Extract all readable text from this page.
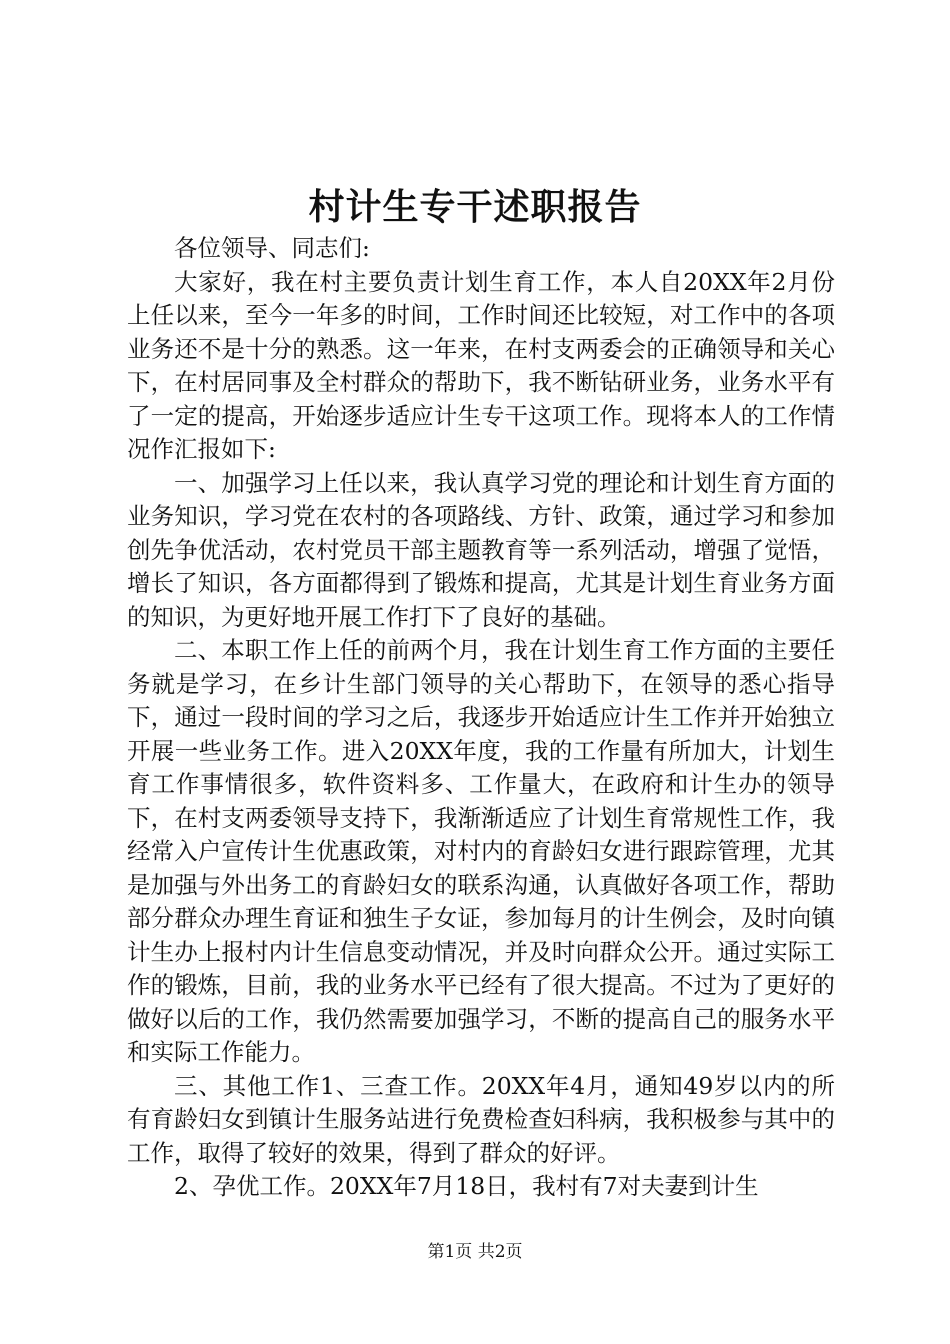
村计生专干述职报告

各位领导、同志们:

大家好，我在村主要负责计划生育工作，本人自20XX年2月份上任以来，至今一年多的时间，工作时间还比较短，对工作中的各项业务还不是十分的熟悉。这一年来，在村支两委会的正确领导和关心下，在村居同事及全村群众的帮助下，我不断钻研业务，业务水平有了一定的提高，开始逐步适应计生专干这项工作。现将本人的工作情况作汇报如下:

一、加强学习上任以来，我认真学习党的理论和计划生育方面的业务知识，学习党在农村的各项路线、方针、政策，通过学习和参加创先争优活动，农村党员干部主题教育等一系列活动，增强了觉悟，增长了知识，各方面都得到了锻炼和提高，尤其是计划生育业务方面的知识，为更好地开展工作打下了良好的基础。

二、本职工作上任的前两个月，我在计划生育工作方面的主要任务就是学习，在乡计生部门领导的关心帮助下，在领导的悉心指导下，通过一段时间的学习之后，我逐步开始适应计生工作并开始独立开展一些业务工作。进入20XX年度，我的工作量有所加大，计划生育工作事情很多，软件资料多、工作量大，在政府和计生办的领导下，在村支两委领导支持下，我渐渐适应了计划生育常规性工作，我经常入户宣传计生优惠政策，对村内的育龄妇女进行跟踪管理，尤其是加强与外出务工的育龄妇女的联系沟通，认真做好各项工作，帮助部分群众办理生育证和独生子女证，参加每月的计生例会，及时向镇计生办上报村内计生信息变动情况，并及时向群众公开。通过实际工作的锻炼，目前，我的业务水平已经有了很大提高。不过为了更好的做好以后的工作，我仍然需要加强学习，不断的提高自己的服务水平和实际工作能力。

三、其他工作1、三查工作。20XX年4月，通知49岁以内的所有育龄妇女到镇计生服务站进行免费检查妇科病，我积极参与其中的工作，取得了较好的效果，得到了群众的好评。

2、孕优工作。20XX年7月18日，我村有7对夫妻到计生

第1页 共2页
